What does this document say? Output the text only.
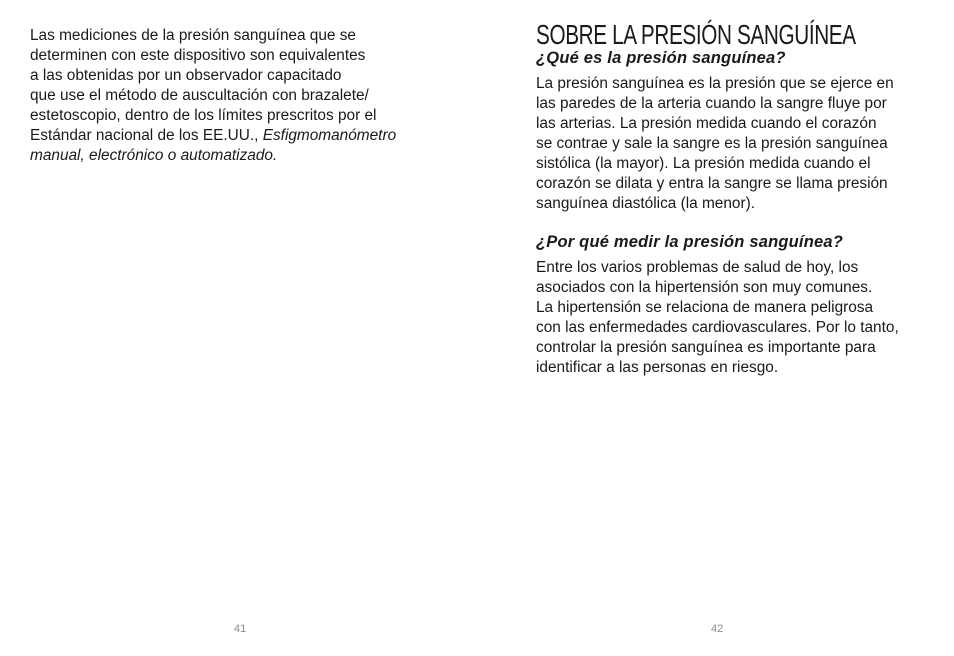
Las mediciones de la presión sanguínea que se
determinen con este dispositivo son equivalentes
a las obtenidas por un observador capacitado
que use el método de auscultación con brazalete/
estetoscopio, dentro de los límites prescritos por el
Estándar nacional de los EE.UU., Esfigmomanómetro
manual, electrónico o automatizado.
41
SOBRE LA PRESIÓN SANGUÍNEA
¿Qué es la presión sanguínea?
La presión sanguínea es la presión que se ejerce en
las paredes de la arteria cuando la sangre fluye por
las arterias. La presión medida cuando el corazón
se contrae y sale la sangre es la presión sanguínea
sistólica (la mayor). La presión medida cuando el
corazón se dilata y entra la sangre se llama presión
sanguínea diastólica (la menor).
¿Por qué medir la presión sanguínea?
Entre los varios problemas de salud de hoy, los
asociados con la hipertensión son muy comunes.
La hipertensión se relaciona de manera peligrosa
con las enfermedades cardiovasculares. Por lo tanto,
controlar la presión sanguínea es importante para
identificar a las personas en riesgo.
42
